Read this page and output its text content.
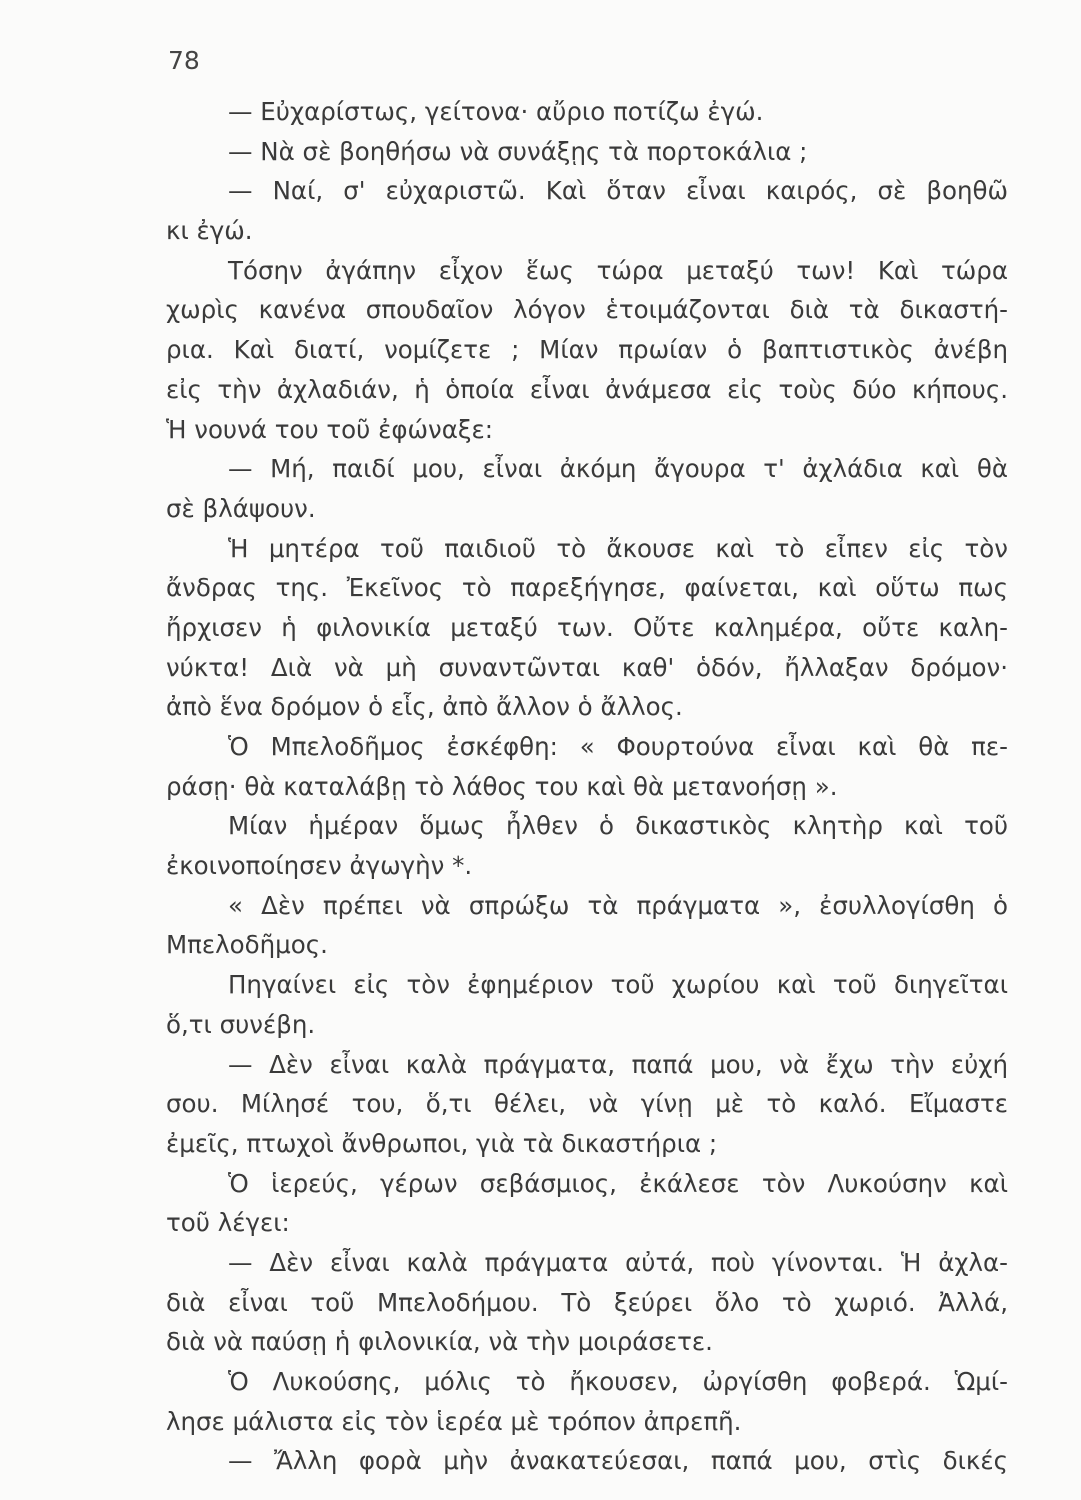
78
— Εὐχαρίστως, γείτονα· αὔριο ποτίζω ἐγώ.
— Νὰ σὲ βοηθήσω νὰ συνάξῃς τὰ πορτοκάλια ;
— Ναί, σ' εὐχαριστῶ. Καὶ ὅταν εἶναι καιρός, σὲ βοηθῶ
κι ἐγώ.
Τόσην ἀγάπην εἶχον ἕως τώρα μεταξύ των! Καὶ τώρα
χωρὶς κανένα σπουδαῖον λόγον ἑτοιμάζονται διὰ τὰ δικαστή-
ρια. Καὶ διατί, νομίζετε ; Μίαν πρωίαν ὁ βαπτιστικὸς ἀνέβη
εἰς τὴν ἀχλαδιάν, ἡ ὁποία εἶναι ἀνάμεσα εἰς τοὺς δύο κήπους.
Ἡ νουνά του τοῦ ἐφώναξε:
— Μή, παιδί μου, εἶναι ἀκόμη ἄγουρα τ' ἀχλάδια καὶ θὰ
σὲ βλάψουν.
Ἡ μητέρα τοῦ παιδιοῦ τὸ ἄκουσε καὶ τὸ εἶπεν εἰς τὸν
ἄνδρας της. Ἐκεῖνος τὸ παρεξήγησε, φαίνεται, καὶ οὕτω πως
ἤρχισεν ἡ φιλονικία μεταξύ των. Οὔτε καλημέρα, οὔτε καλη-
νύκτα! Διὰ νὰ μὴ συναντῶνται καθ' ὁδόν, ἤλλαξαν δρόμον·
ἀπὸ ἕνα δρόμον ὁ εἷς, ἀπὸ ἄλλον ὁ ἄλλος.
Ὁ Μπελοδῆμος ἐσκέφθη: « Φουρτούνα εἶναι καὶ θὰ πε-
ράσῃ· θὰ καταλάβῃ τὸ λάθος του καὶ θὰ μετανοήσῃ ».
Μίαν ἡμέραν ὅμως ἦλθεν ὁ δικαστικὸς κλητὴρ καὶ τοῦ
ἐκοινοποίησεν ἀγωγὴν *.
« Δὲν πρέπει νὰ σπρώξω τὰ πράγματα », ἐσυλλογίσθη ὁ
Μπελοδῆμος.
Πηγαίνει εἰς τὸν ἐφημέριον τοῦ χωρίου καὶ τοῦ διηγεῖται
ὅ,τι συνέβη.
— Δὲν εἶναι καλὰ πράγματα, παπά μου, νὰ ἔχω τὴν εὐχή
σου. Μίλησέ του, ὅ,τι θέλει, νὰ γίνῃ μὲ τὸ καλό. Εἴμαστε
ἐμεῖς, πτωχοὶ ἄνθρωποι, γιὰ τὰ δικαστήρια ;
Ὁ ἱερεύς, γέρων σεβάσμιος, ἐκάλεσε τὸν Λυκούσην καὶ
τοῦ λέγει:
— Δὲν εἶναι καλὰ πράγματα αὐτά, ποὺ γίνονται. Ἡ ἀχλα-
διὰ εἶναι τοῦ Μπελοδήμου. Τὸ ξεύρει ὅλο τὸ χωριό. Ἀλλά,
διὰ νὰ παύσῃ ἡ φιλονικία, νὰ τὴν μοιράσετε.
Ὁ Λυκούσης, μόλις τὸ ἤκουσεν, ὠργίσθη φοβερά. Ὡμί-
λησε μάλιστα εἰς τὸν ἱερέα μὲ τρόπον ἀπρεπῆ.
— Ἄλλη φορὰ μὴν ἀνακατεύεσαι, παπά μου, στὶς δικές
